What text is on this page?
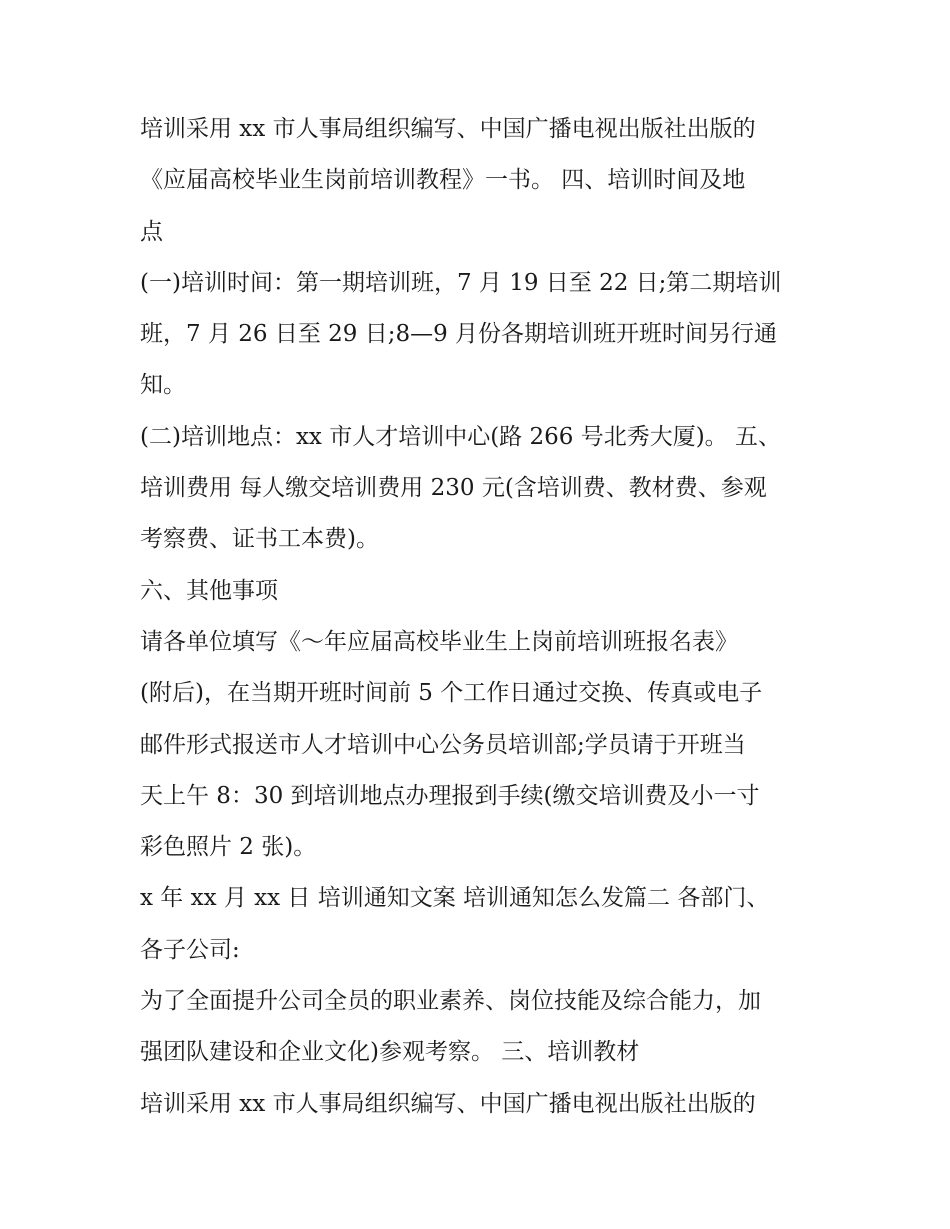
培训采用 xx 市人事局组织编写、中国广播电视出版社出版的
《应届高校毕业生岗前培训教程》一书。 四、培训时间及地
点
(一)培训时间：第一期培训班，7 月 19 日至 22 日;第二期培训
班，7 月 26 日至 29 日;8—9 月份各期培训班开班时间另行通
知。
(二)培训地点：xx 市人才培训中心(路 266 号北秀大厦)。 五、
培训费用 每人缴交培训费用 230 元(含培训费、教材费、参观
考察费、证书工本费)。
六、其他事项
请各单位填写《～年应届高校毕业生上岗前培训班报名表》
(附后)，在当期开班时间前 5 个工作日通过交换、传真或电子
邮件形式报送市人才培训中心公务员培训部;学员请于开班当
天上午 8：30 到培训地点办理报到手续(缴交培训费及小一寸
彩色照片 2 张)。
x 年 xx 月 xx 日 培训通知文案 培训通知怎么发篇二 各部门、
各子公司:
为了全面提升公司全员的职业素养、岗位技能及综合能力，加
强团队建设和企业文化)参观考察。 三、培训教材
培训采用 xx 市人事局组织编写、中国广播电视出版社出版的
